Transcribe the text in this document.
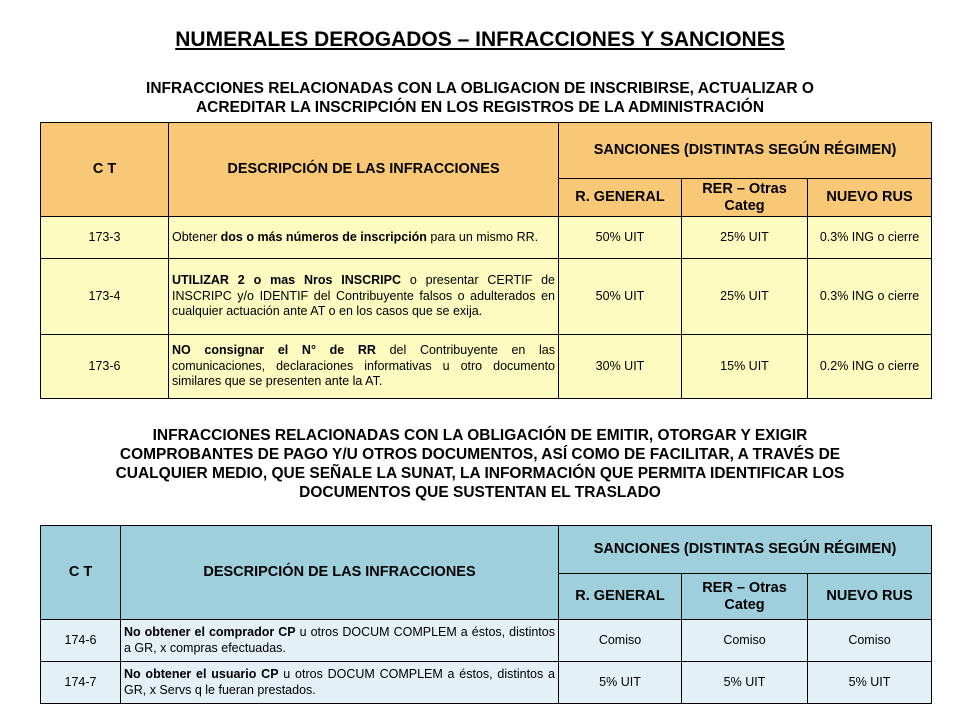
NUMERALES DEROGADOS – INFRACCIONES Y SANCIONES
INFRACCIONES RELACIONADAS CON LA OBLIGACION DE INSCRIBIRSE, ACTUALIZAR O
ACREDITAR LA INSCRIPCIÓN EN LOS REGISTROS DE LA ADMINISTRACIÓN
C T	DESCRIPCIÓN DE LAS INFRACCIONES	SANCIONES (DISTINTAS SEGÚN RÉGIMEN)		
		R. GENERAL	RER – Otras Categ	NUEVO RUS
173-3	Obtener dos o más números de inscripción para un mismo RR.	50% UIT	25% UIT	0.3% ING o cierre
173-4	UTILIZAR 2 o mas Nros INSCRIPC o presentar CERTIF de INSCRIPC y/o IDENTIF del Contribuyente falsos o adulterados en cualquier actuación ante AT o en los casos que se exija.	50% UIT	25% UIT	0.3% ING o cierre
173-6	NO consignar el N° de RR del Contribuyente en las comunicaciones, declaraciones informativas u otro documento similares que se presenten ante la AT.	30% UIT	15% UIT	0.2% ING o cierre
INFRACCIONES RELACIONADAS CON LA OBLIGACIÓN DE EMITIR, OTORGAR Y EXIGIR
COMPROBANTES DE PAGO Y/U OTROS DOCUMENTOS, ASÍ COMO DE FACILITAR, A TRAVÉS DE
CUALQUIER MEDIO, QUE SEÑALE LA SUNAT, LA INFORMACIÓN QUE PERMITA IDENTIFICAR LOS
DOCUMENTOS QUE SUSTENTAN EL TRASLADO
C T	DESCRIPCIÓN DE LAS INFRACCIONES	SANCIONES (DISTINTAS SEGÚN RÉGIMEN)		
		R. GENERAL	RER – Otras Categ	NUEVO RUS
174-6	No obtener el comprador CP u otros DOCUM COMPLEM a éstos, distintos a GR, x compras efectuadas.	Comiso	Comiso	Comiso
174-7	No obtener el usuario CP u otros DOCUM COMPLEM a éstos, distintos a GR, x Servs q le fueran prestados.	5% UIT	5% UIT	5% UIT
